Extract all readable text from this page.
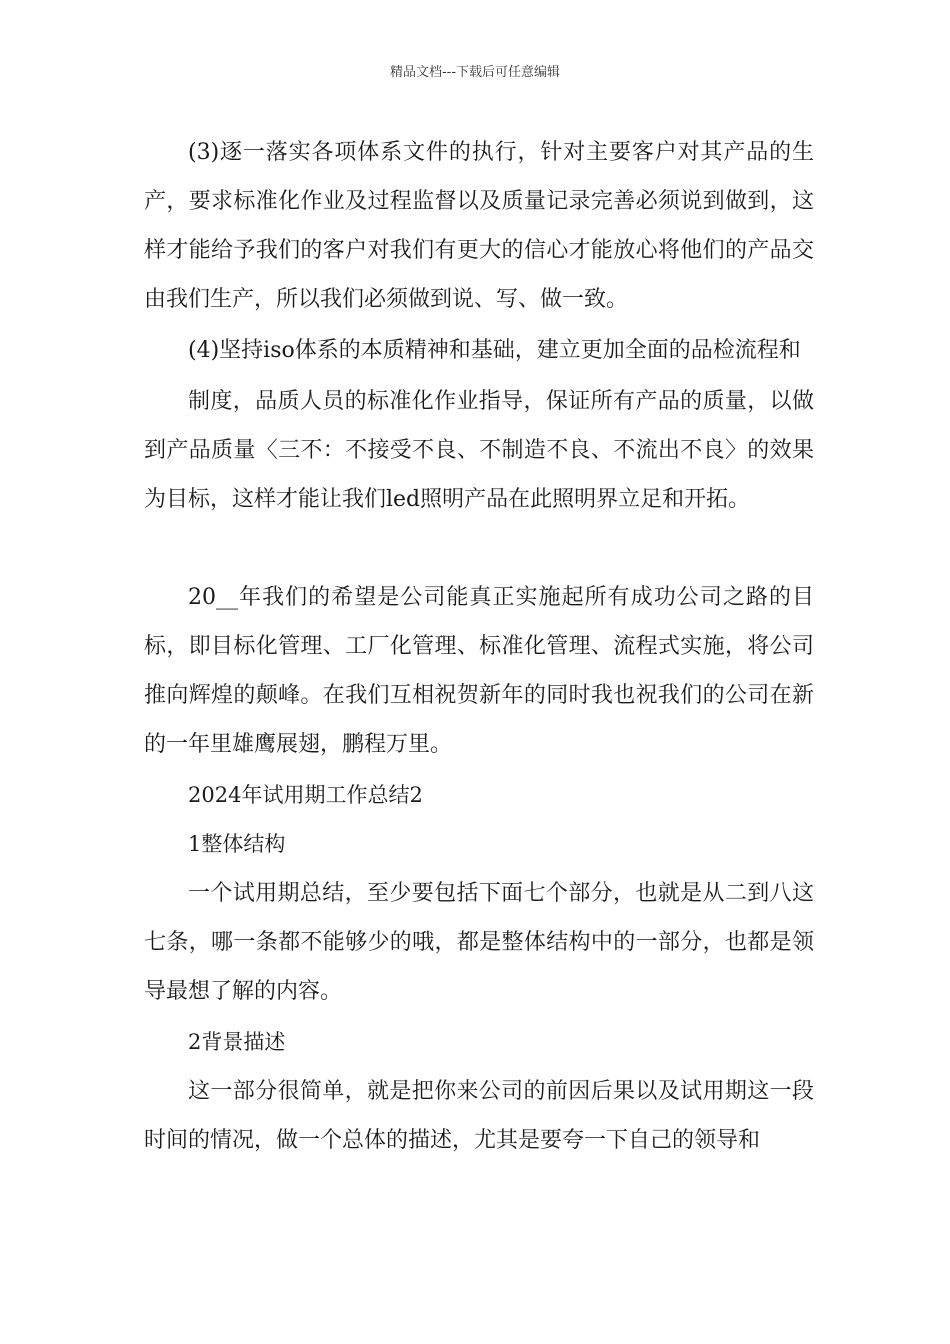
精品文档---下载后可任意编辑

(3)逐一落实各项体系文件的执行，针对主要客户对其产品的生产，要求标准化作业及过程监督以及质量记录完善必须说到做到，这样才能给予我们的客户对我们有更大的信心才能放心将他们的产品交由我们生产，所以我们必须做到说、写、做一致。

(4)坚持iso体系的本质精神和基础，建立更加全面的品检流程和

制度，品质人员的标准化作业指导，保证所有产品的质量，以做到产品质量〈三不：不接受不良、不制造不良、不流出不良〉的效果为目标，这样才能让我们led照明产品在此照明界立足和开拓。

20__年我们的希望是公司能真正实施起所有成功公司之路的目标，即目标化管理、工厂化管理、标准化管理、流程式实施，将公司推向辉煌的颠峰。在我们互相祝贺新年的同时我也祝我们的公司在新的一年里雄鹰展翅，鹏程万里。

2024年试用期工作总结2

1整体结构

一个试用期总结，至少要包括下面七个部分，也就是从二到八这七条，哪一条都不能够少的哦，都是整体结构中的一部分，也都是领导最想了解的内容。

2背景描述

这一部分很简单，就是把你来公司的前因后果以及试用期这一段时间的情况，做一个总体的描述，尤其是要夸一下自己的领导和
